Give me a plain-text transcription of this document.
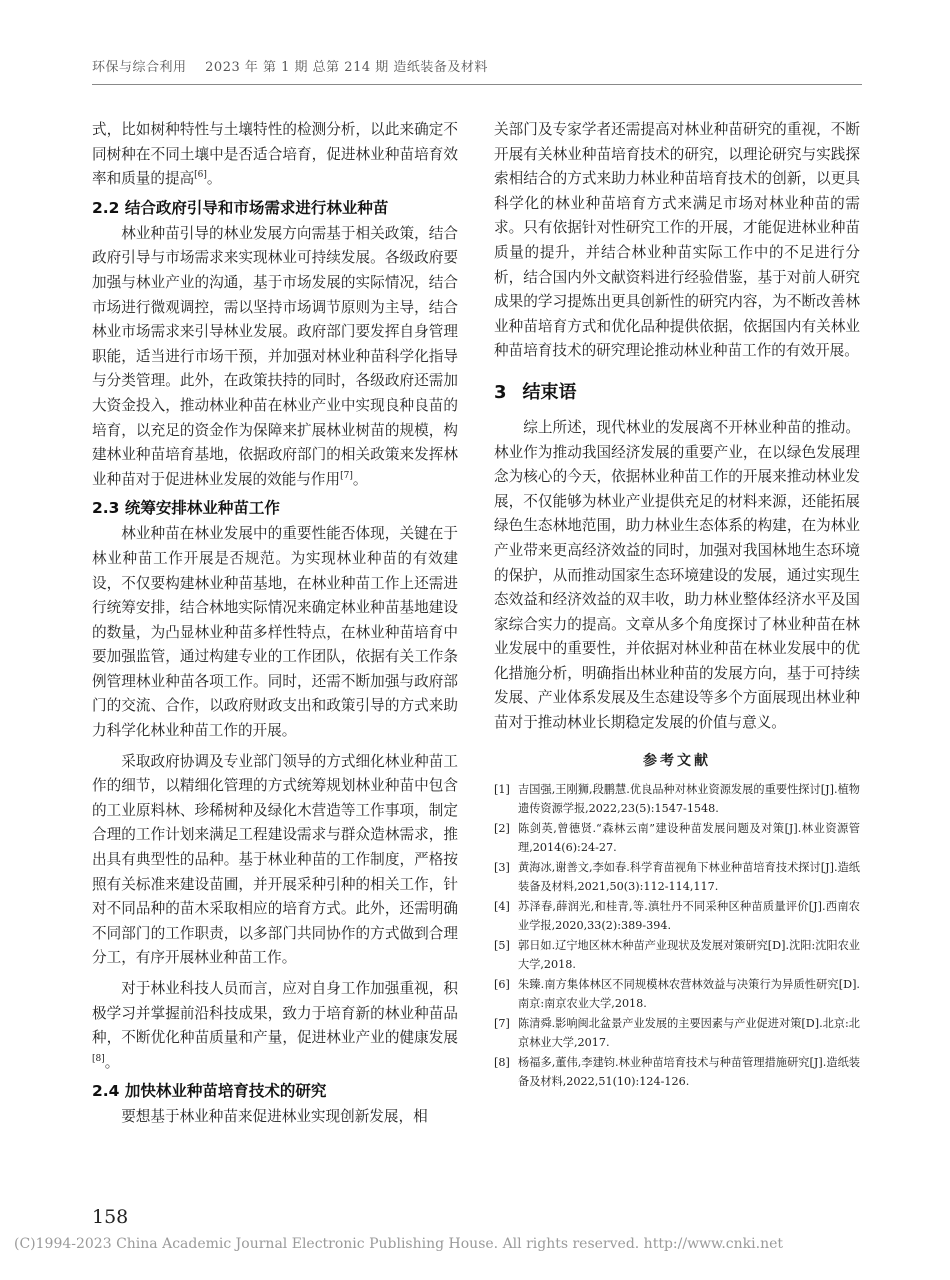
环保与综合利用 2023 年 第 1 期 总第 214 期 造纸装备及材料

式，比如树种特性与土壤特性的检测分析，以此来确定不同树种在不同土壤中是否适合培育，促进林业种苗培育效率和质量的提高[6]。

2.2 结合政府引导和市场需求进行林业种苗

林业种苗引导的林业发展方向需基于相关政策，结合政府引导与市场需求来实现林业可持续发展。各级政府要加强与林业产业的沟通，基于市场发展的实际情况，结合市场进行微观调控，需以坚持市场调节原则为主导，结合林业市场需求来引导林业发展。政府部门要发挥自身管理职能，适当进行市场干预，并加强对林业种苗科学化指导与分类管理。此外，在政策扶持的同时，各级政府还需加大资金投入，推动林业种苗在林业产业中实现良种良苗的培育，以充足的资金作为保障来扩展林业树苗的规模，构建林业种苗培育基地，依据政府部门的相关政策来发挥林业种苗对于促进林业发展的效能与作用[7]。

2.3 统筹安排林业种苗工作

林业种苗在林业发展中的重要性能否体现，关键在于林业种苗工作开展是否规范。为实现林业种苗的有效建设，不仅要构建林业种苗基地，在林业种苗工作上还需进行统筹安排，结合林地实际情况来确定林业种苗基地建设的数量，为凸显林业种苗多样性特点，在林业种苗培育中要加强监管，通过构建专业的工作团队，依据有关工作条例管理林业种苗各项工作。同时，还需不断加强与政府部门的交流、合作，以政府财政支出和政策引导的方式来助力科学化林业种苗工作的开展。

采取政府协调及专业部门领导的方式细化林业种苗工作的细节，以精细化管理的方式统筹规划林业种苗中包含的工业原料林、珍稀树种及绿化木营造等工作事项，制定合理的工作计划来满足工程建设需求与群众造林需求，推出具有典型性的品种。基于林业种苗的工作制度，严格按照有关标准来建设苗圃，并开展采种引种的相关工作，针对不同品种的苗木采取相应的培育方式。此外，还需明确不同部门的工作职责，以多部门共同协作的方式做到合理分工，有序开展林业种苗工作。

对于林业科技人员而言，应对自身工作加强重视，积极学习并掌握前沿科技成果，致力于培育新的林业种苗品种，不断优化种苗质量和产量，促进林业产业的健康发展[8]。

2.4 加快林业种苗培育技术的研究

要想基于林业种苗来促进林业实现创新发展，相

关部门及专家学者还需提高对林业种苗研究的重视，不断开展有关林业种苗培育技术的研究，以理论研究与实践探索相结合的方式来助力林业种苗培育技术的创新，以更具科学化的林业种苗培育方式来满足市场对林业种苗的需求。只有依据针对性研究工作的开展，才能促进林业种苗质量的提升，并结合林业种苗实际工作中的不足进行分析，结合国内外文献资料进行经验借鉴，基于对前人研究成果的学习提炼出更具创新性的研究内容，为不断改善林业种苗培育方式和优化品种提供依据，依据国内有关林业种苗培育技术的研究理论推动林业种苗工作的有效开展。

3 结束语

综上所述，现代林业的发展离不开林业种苗的推动。林业作为推动我国经济发展的重要产业，在以绿色发展理念为核心的今天，依据林业种苗工作的开展来推动林业发展，不仅能够为林业产业提供充足的材料来源，还能拓展绿色生态林地范围，助力林业生态体系的构建，在为林业产业带来更高经济效益的同时，加强对我国林地生态环境的保护，从而推动国家生态环境建设的发展，通过实现生态效益和经济效益的双丰收，助力林业整体经济水平及国家综合实力的提高。文章从多个角度探讨了林业种苗在林业发展中的重要性，并依据对林业种苗在林业发展中的优化措施分析，明确指出林业种苗的发展方向，基于可持续发展、产业体系发展及生态建设等多个方面展现出林业种苗对于推动林业长期稳定发展的价值与意义。

参考文献
[1] 吉国强,王刚狮,段鹏慧.优良品种对林业资源发展的重要性探讨[J].植物遗传资源学报,2022,23(5):1547-1548.
[2] 陈剑英,曾德贤.“森林云南”建设种苗发展问题及对策[J].林业资源管理,2014(6):24-27.
[3] 黄海冰,谢善文,李如春.科学育苗视角下林业种苗培育技术探讨[J].造纸装备及材料,2021,50(3):112-114,117.
[4] 苏泽春,薛润光,和桂青,等.滇牡丹不同采种区种苗质量评价[J].西南农业学报,2020,33(2):389-394.
[5] 郭日如.辽宁地区林木种苗产业现状及发展对策研究[D].沈阳:沈阳农业大学,2018.
[6] 朱臻.南方集体林区不同规模林农营林效益与决策行为异质性研究[D].南京:南京农业大学,2018.
[7] 陈清舜.影响闽北盆景产业发展的主要因素与产业促进对策[D].北京:北京林业大学,2017.
[8] 杨福多,董伟,李建钧.林业种苗培育技术与种苗管理措施研究[J].造纸装备及材料,2022,51(10):124-126.
158
(C)1994-2023 China Academic Journal Electronic Publishing House. All rights reserved. http://www.cnki.net
